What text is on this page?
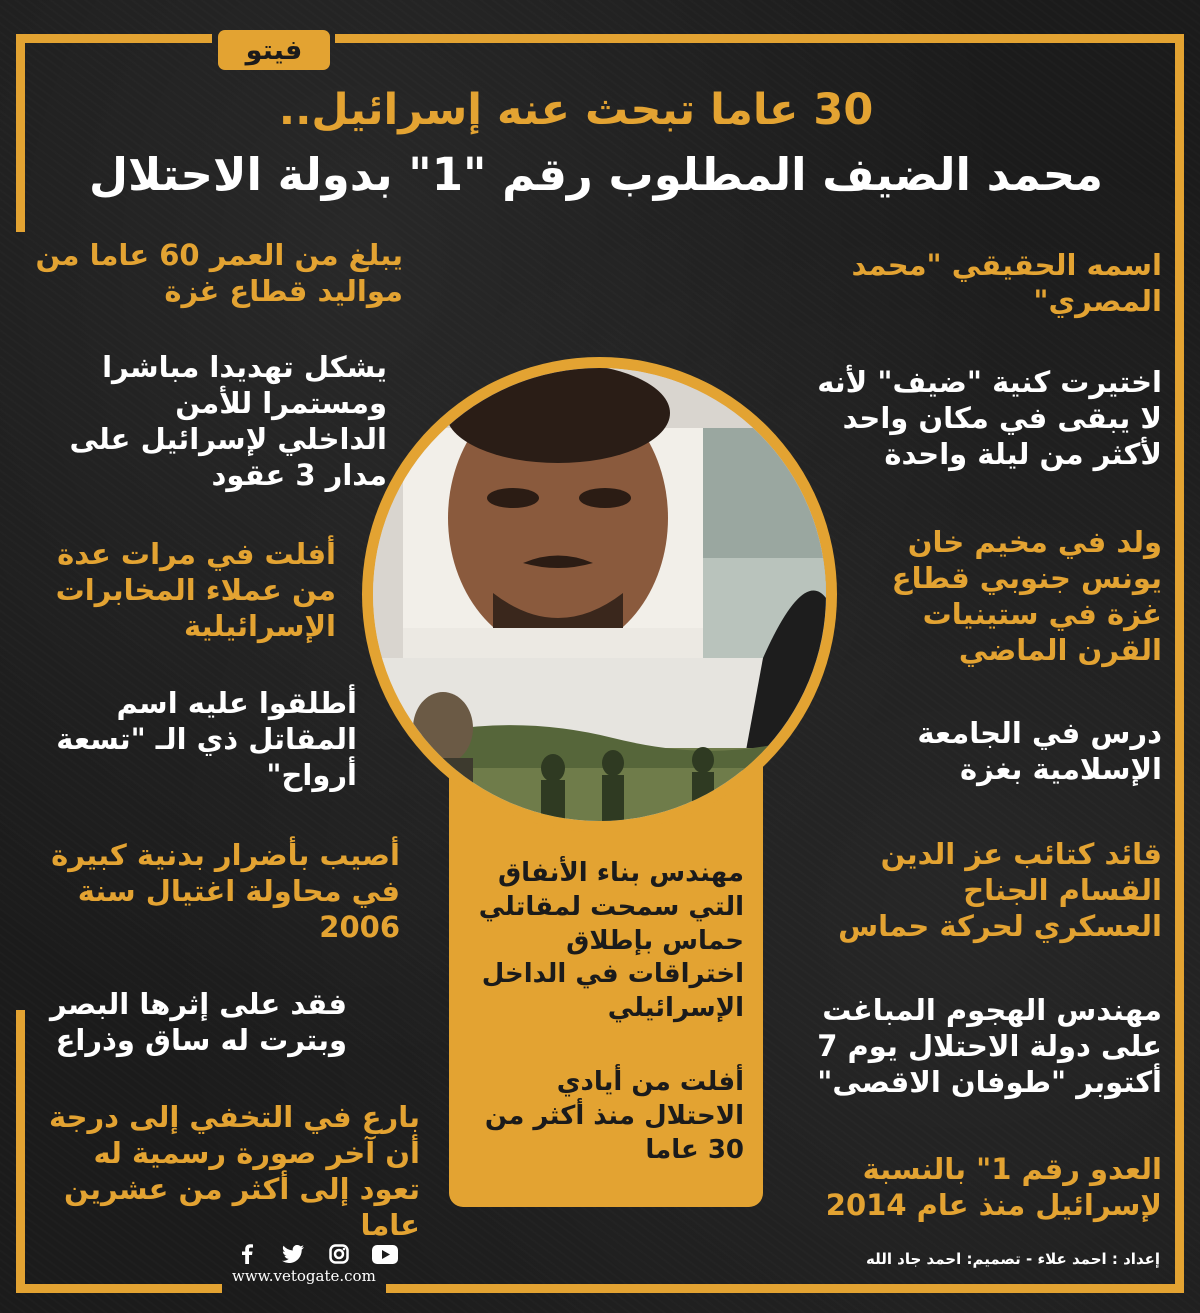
فيتو
30 عاما تبحث عنه إسرائيل..
محمد الضيف المطلوب رقم "1" بدولة الاحتلال

يبلغ من العمر 60 عاما من
مواليد قطاع غزة

يشكل تهديدا مباشرا
ومستمرا للأمن
الداخلي لإسرائيل على
مدار 3 عقود

أفلت في مرات عدة
من عملاء المخابرات
الإسرائيلية

أطلقوا عليه اسم
المقاتل ذي الـ "تسعة
أرواح"

أصيب بأضرار بدنية كبيرة
في محاولة اغتيال سنة
2006

فقد على إثرها البصر
وبترت له ساق وذراع

بارع في التخفي إلى درجة
أن آخر صورة رسمية له
تعود إلى أكثر من عشرين
عاما

اسمه الحقيقي "محمد
المصري"

اختيرت كنية "ضيف" لأنه
لا يبقى في مكان واحد
لأكثر من ليلة واحدة

ولد في مخيم خان
يونس جنوبي قطاع
غزة في ستينيات
القرن الماضي

درس في الجامعة
الإسلامية بغزة

قائد كتائب عز الدين
القسام الجناح
العسكري لحركة حماس

مهندس الهجوم المباغت
على دولة الاحتلال يوم 7
أكتوبر "طوفان الاقصى"

العدو رقم 1" بالنسبة
لإسرائيل منذ عام 2014

مهندس بناء الأنفاق
التي سمحت لمقاتلي
حماس بإطلاق
اختراقات في الداخل
الإسرائيلي

أفلت من أيادي
الاحتلال منذ أكثر من
30 عاما

www.vetogate.com
إعداد : احمد علاء - تصميم: احمد جاد الله
